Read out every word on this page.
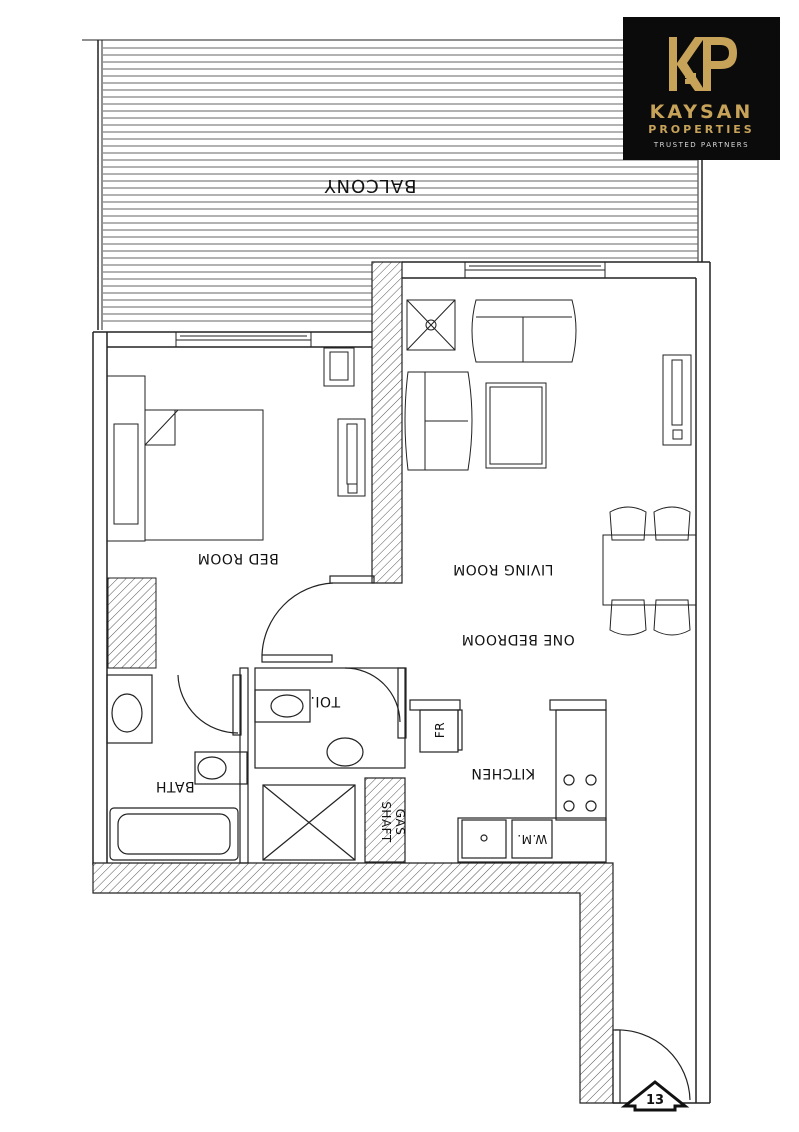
BALCONY
BED ROOM
LIVING ROOM
ONE BEDROOM
TOI.
BATH
KITCHEN
FR
W.M.
GAS
SHAFT
13
KAYSAN
PROPERTIES
TRUSTED PARTNERS
